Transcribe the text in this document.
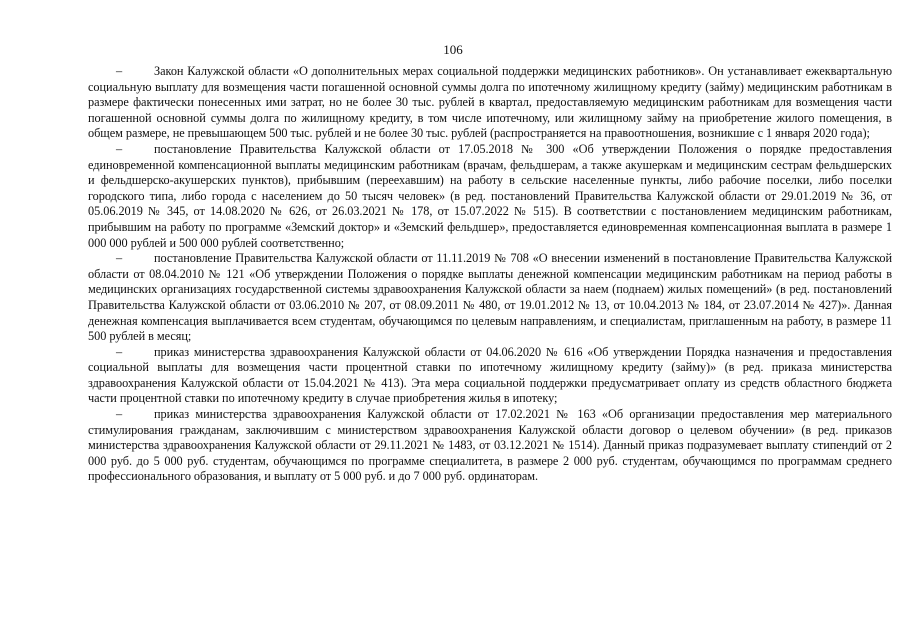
106

–	Закон Калужской области «О дополнительных мерах социальной поддержки медицинских работников». Он устанавливает ежеквартальную социальную выплату для возмещения части погашенной основной суммы долга по ипотечному жилищному кредиту (займу) медицинским работникам в размере фактически понесенных ими затрат, но не более 30 тыс. рублей в квартал, предоставляемую медицинским работникам для возмещения части погашенной основной суммы долга по жилищному кредиту, в том числе ипотечному, или жилищному займу на приобретение жилого помещения, в общем размере, не превышающем 500 тыс. рублей и не более 30 тыс. рублей (распространяется на правоотношения, возникшие с 1 января 2020 года);

–	постановление Правительства Калужской области от 17.05.2018 № 300 «Об утверждении Положения о порядке предоставления единовременной компенсационной выплаты медицинским работникам (врачам, фельдшерам, а также акушеркам и медицинским сестрам фельдшерских и фельдшерско-акушерских пунктов), прибывшим (переехавшим) на работу в сельские населенные пункты, либо рабочие поселки, либо поселки городского типа, либо города с населением до 50 тысяч человек» (в ред. постановлений Правительства Калужской области от 29.01.2019 № 36, от 05.06.2019 № 345, от 14.08.2020 № 626, от 26.03.2021 № 178, от 15.07.2022 № 515). В соответствии с постановлением медицинским работникам, прибывшим на работу по программе «Земский доктор» и «Земский фельдшер», предоставляется единовременная компенсационная выплата в размере 1 000 000 рублей и 500 000 рублей соответственно;

–	постановление Правительства Калужской области от 11.11.2019 № 708 «О внесении изменений в постановление Правительства Калужской области от 08.04.2010 № 121 «Об утверждении Положения о порядке выплаты денежной компенсации медицинским работникам на период работы в медицинских организациях государственной системы здравоохранения Калужской области за наем (поднаем) жилых помещений» (в ред. постановлений Правительства Калужской области от 03.06.2010 № 207, от 08.09.2011 № 480, от 19.01.2012 № 13, от 10.04.2013 № 184, от 23.07.2014 № 427)». Данная денежная компенсация выплачивается всем студентам, обучающимся по целевым направлениям, и специалистам, приглашенным на работу, в размере 11 500 рублей в месяц;

–	приказ министерства здравоохранения Калужской области от 04.06.2020 № 616 «Об утверждении Порядка назначения и предоставления социальной выплаты для возмещения части процентной ставки по ипотечному жилищному кредиту (займу)» (в ред. приказа министерства здравоохранения Калужской области от 15.04.2021 № 413). Эта мера социальной поддержки предусматривает оплату из средств областного бюджета части процентной ставки по ипотечному кредиту в случае приобретения жилья в ипотеку;

–	приказ министерства здравоохранения Калужской области от 17.02.2021 № 163 «Об организации предоставления мер материального стимулирования гражданам, заключившим с министерством здравоохранения Калужской области договор о целевом обучении» (в ред. приказов министерства здравоохранения Калужской области от 29.11.2021 № 1483, от 03.12.2021 № 1514). Данный приказ подразумевает выплату стипендий от 2 000 руб. до 5 000 руб. студентам, обучающимся по программе специалитета, в размере 2 000 руб. студентам, обучающимся по программам среднего профессионального образования, и выплату от 5 000 руб. и до 7 000 руб. ординаторам.
